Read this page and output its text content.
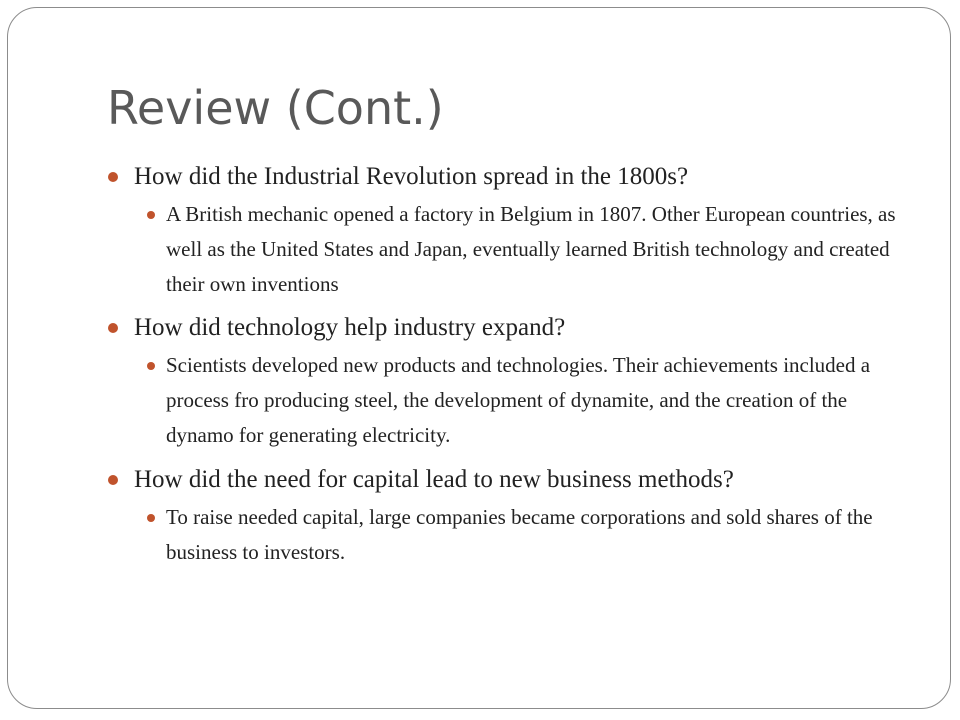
Review (Cont.)
How did the Industrial Revolution spread in the 1800s?
A British mechanic opened a factory in Belgium in 1807. Other European countries, as well as the United States and Japan, eventually learned British technology and created their own inventions
How did technology help industry expand?
Scientists developed new products and technologies. Their achievements included a process fro producing steel, the development of dynamite, and the creation of the dynamo for generating electricity.
How did the need for capital lead to new business methods?
To raise needed capital, large companies became corporations and sold shares of the business to investors.
